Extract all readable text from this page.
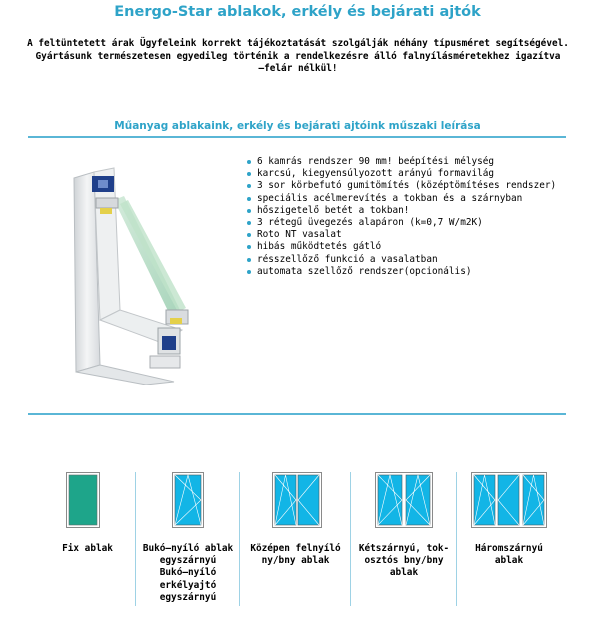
Energo-Star ablakok, erkély és bejárati ajtók
A feltüntetett árak Ügyfeleink korrekt tájékoztatását szolgálják néhány típusméret segítségével.
Gyártásunk természetesen egyedileg történik a rendelkezésre álló falnyílásméretekhez igazítva
–felár nélkül!
Műanyag ablakaink, erkély és bejárati ajtóink műszaki leírása
6 kamrás rendszer 90 mm! beépítési mélység
karcsú, kiegyensúlyozott arányú formavilág
3 sor körbefutó gumitömítés (középtömítéses rendszer)
speciális acélmerevítés a tokban és a szárnyban
hőszigetelő betét a tokban!
3 rétegű üvegezés alapáron (k=0,7 W/m2K)
Roto NT vasalat
hibás működtetés gátló
résszellőző funkció a vasalatban
automata szellőző rendszer(opcionális)
Fix ablak	Bukó–nyíló ablak
egyszárnyú
Bukó–nyíló
erkélyajtó
egyszárnyú
Középen felnyíló
ny/bny ablak
Kétszárnyú, tok-
osztós bny/bny
ablak
Háromszárnyú
ablak
